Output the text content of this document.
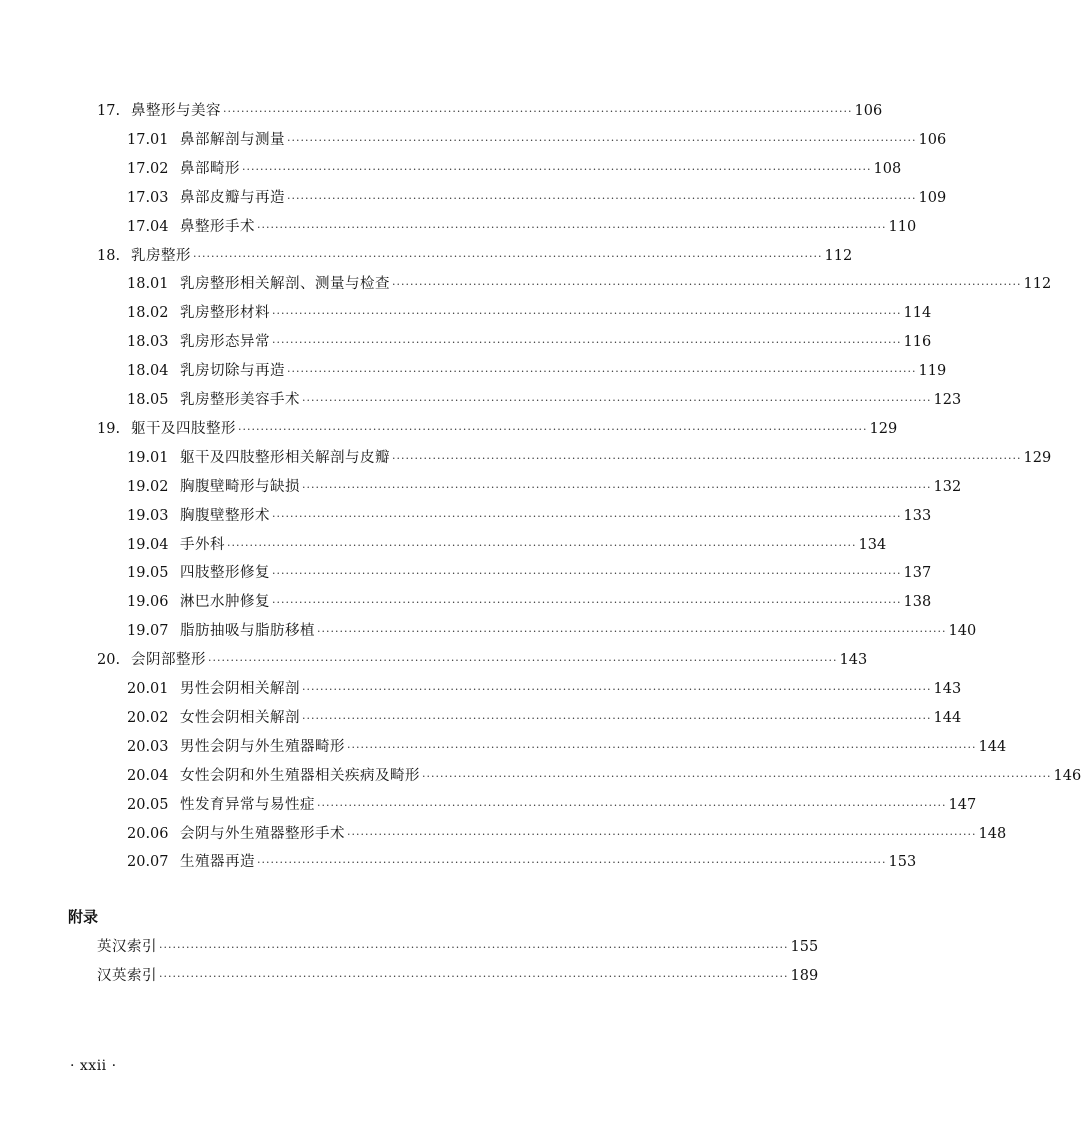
17. 鼻整形与美容 ············································································································································ 106
17.01 鼻部解剖与测量 ············································································································································ 106
17.02 鼻部畸形 ············································································································································ 108
17.03 鼻部皮瓣与再造 ············································································································································ 109
17.04 鼻整形手术 ············································································································································ 110
18. 乳房整形 ············································································································································ 112
18.01 乳房整形相关解剖、测量与检查 ············································································································································ 112
18.02 乳房整形材料 ············································································································································ 114
18.03 乳房形态异常 ············································································································································ 116
18.04 乳房切除与再造 ············································································································································ 119
18.05 乳房整形美容手术 ············································································································································ 123
19. 躯干及四肢整形 ············································································································································ 129
19.01 躯干及四肢整形相关解剖与皮瓣 ············································································································································ 129
19.02 胸腹壁畸形与缺损 ············································································································································ 132
19.03 胸腹壁整形术 ············································································································································ 133
19.04 手外科 ············································································································································ 134
19.05 四肢整形修复 ············································································································································ 137
19.06 淋巴水肿修复 ············································································································································ 138
19.07 脂肪抽吸与脂肪移植 ············································································································································ 140
20. 会阴部整形 ············································································································································ 143
20.01 男性会阴相关解剖 ············································································································································ 143
20.02 女性会阴相关解剖 ············································································································································ 144
20.03 男性会阴与外生殖器畸形 ············································································································································ 144
20.04 女性会阴和外生殖器相关疾病及畸形 ············································································································································ 146
20.05 性发育异常与易性症 ············································································································································ 147
20.06 会阴与外生殖器整形手术 ············································································································································ 148
20.07 生殖器再造 ············································································································································ 153
附录
英汉索引 ············································································································································ 155
汉英索引 ············································································································································ 189
· xxii ·
